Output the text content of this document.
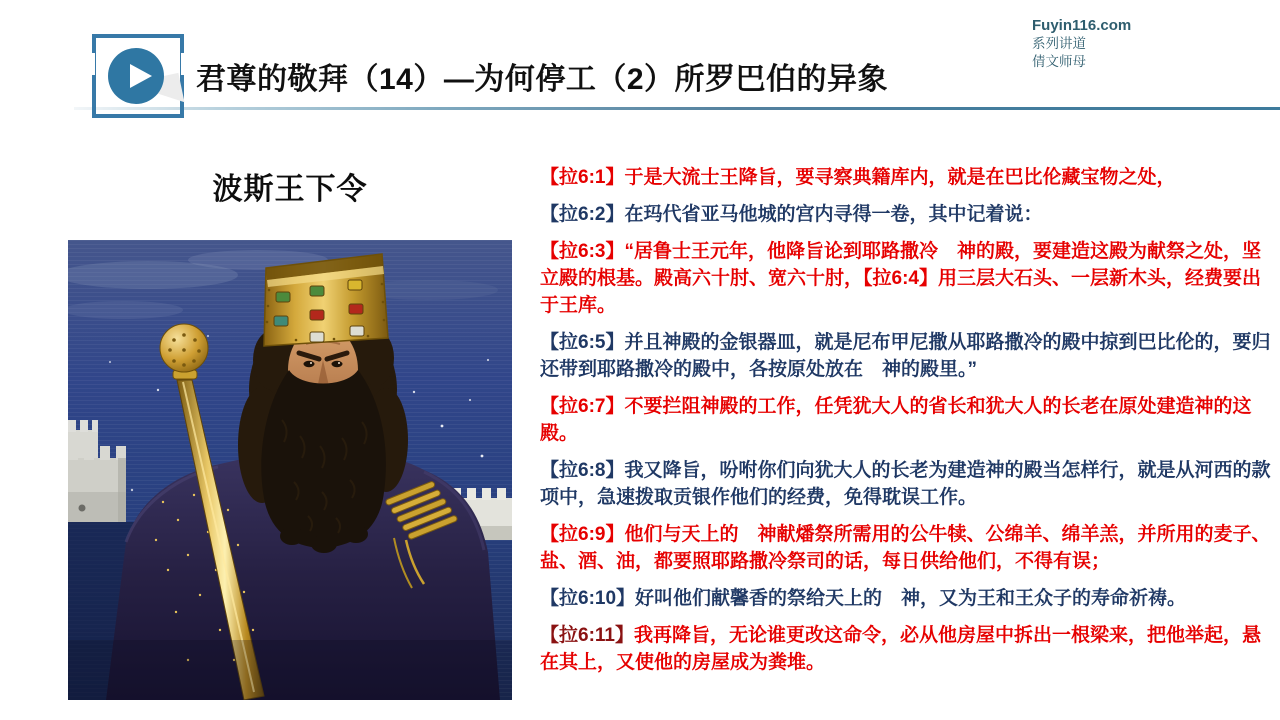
君尊的敬拜（14）—为何停工（2）所罗巴伯的异象
Fuyin116.com
系列讲道
倩文师母
波斯王下令	【拉6:1】于是大流士王降旨，要寻察典籍库内，就是在巴比伦藏宝物之处，

【拉6:2】在玛代省亚马他城的宫内寻得一卷，其中记着说：

【拉6:3】“居鲁士王元年，他降旨论到耶路撒冷　神的殿，要建造这殿为献祭之处，坚立殿的根基。殿高六十肘、宽六十肘，【拉6:4】用三层大石头、一层新木头，经费要出于王库。

【拉6:5】并且神殿的金银器皿，就是尼布甲尼撒从耶路撒冷的殿中掠到巴比伦的，要归还带到耶路撒冷的殿中，各按原处放在　神的殿里。”

【拉6:7】不要拦阻神殿的工作，任凭犹大人的省长和犹大人的长老在原处建造神的这殿。

【拉6:8】我又降旨，吩咐你们向犹大人的长老为建造神的殿当怎样行，就是从河西的款项中，急速拨取贡银作他们的经费，免得耽误工作。

【拉6:9】他们与天上的　神献燔祭所需用的公牛犊、公绵羊、绵羊羔，并所用的麦子、盐、酒、油，都要照耶路撒冷祭司的话，每日供给他们，不得有误；

【拉6:10】好叫他们献馨香的祭给天上的　神，又为王和王众子的寿命祈祷。

【拉6:11】我再降旨，无论谁更改这命令，必从他房屋中拆出一根梁来，把他举起，悬在其上，又使他的房屋成为粪堆。
